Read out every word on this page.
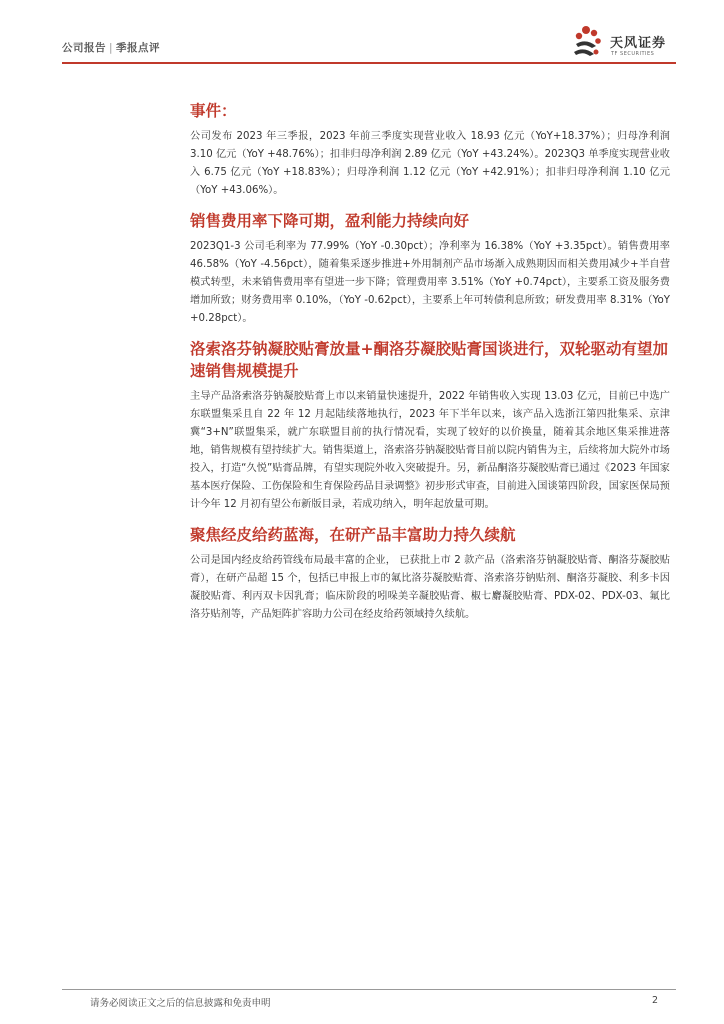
公司报告 | 季报点评	天风证券
TF SECURITIES
事件：

公司发布 2023 年三季报，2023 年前三季度实现营业收入 18.93 亿元（YoY+18.37%）；归母净利润 3.10 亿元（YoY +48.76%）；扣非归母净利润 2.89 亿元（YoY +43.24%）。2023Q3 单季度实现营业收入 6.75 亿元（YoY +18.83%）；归母净利润 1.12 亿元（YoY +42.91%）；扣非归母净利润 1.10 亿元（YoY +43.06%）。

销售费用率下降可期，盈利能力持续向好

2023Q1-3 公司毛利率为 77.99%（YoY -0.30pct）；净利率为 16.38%（YoY +3.35pct）。销售费用率 46.58%（YoY -4.56pct），随着集采逐步推进+外用制剂产品市场渐入成熟期因而相关费用减少+半自营模式转型，未来销售费用率有望进一步下降；管理费用率 3.51%（YoY +0.74pct），主要系工资及服务费增加所致；财务费用率 0.10%，（YoY -0.62pct），主要系上年可转债利息所致；研发费用率 8.31%（YoY +0.28pct）。

洛索洛芬钠凝胶贴膏放量+酮洛芬凝胶贴膏国谈进行，双轮驱动有望加速销售规模提升

主导产品洛索洛芬钠凝胶贴膏上市以来销量快速提升，2022 年销售收入实现 13.03 亿元，目前已中选广东联盟集采且自 22 年 12 月起陆续落地执行，2023 年下半年以来，该产品入选浙江第四批集采、京津冀“3+N”联盟集采，就广东联盟目前的执行情况看，实现了较好的以价换量，随着其余地区集采推进落地，销售规模有望持续扩大。销售渠道上，洛索洛芬钠凝胶贴膏目前以院内销售为主，后续将加大院外市场投入，打造“久悦”贴膏品牌，有望实现院外收入突破提升。另，新品酮洛芬凝胶贴膏已通过《2023 年国家基本医疗保险、工伤保险和生育保险药品目录调整》初步形式审查，目前进入国谈第四阶段，国家医保局预计今年 12 月初有望公布新版目录，若成功纳入，明年起放量可期。

聚焦经皮给药蓝海，在研产品丰富助力持久续航

公司是国内经皮给药管线布局最丰富的企业， 已获批上市 2 款产品（洛索洛芬钠凝胶贴膏、酮洛芬凝胶贴膏），在研产品超 15 个，包括已申报上市的氟比洛芬凝胶贴膏、洛索洛芬钠贴剂、酮洛芬凝胶、利多卡因凝胶贴膏、利丙双卡因乳膏；临床阶段的吲哚美辛凝胶贴膏、椒七麝凝胶贴膏、PDX-02、PDX-03、氟比洛芬贴剂等，产品矩阵扩容助力公司在经皮给药领域持久续航。

请务必阅读正文之后的信息披露和免责申明	2
